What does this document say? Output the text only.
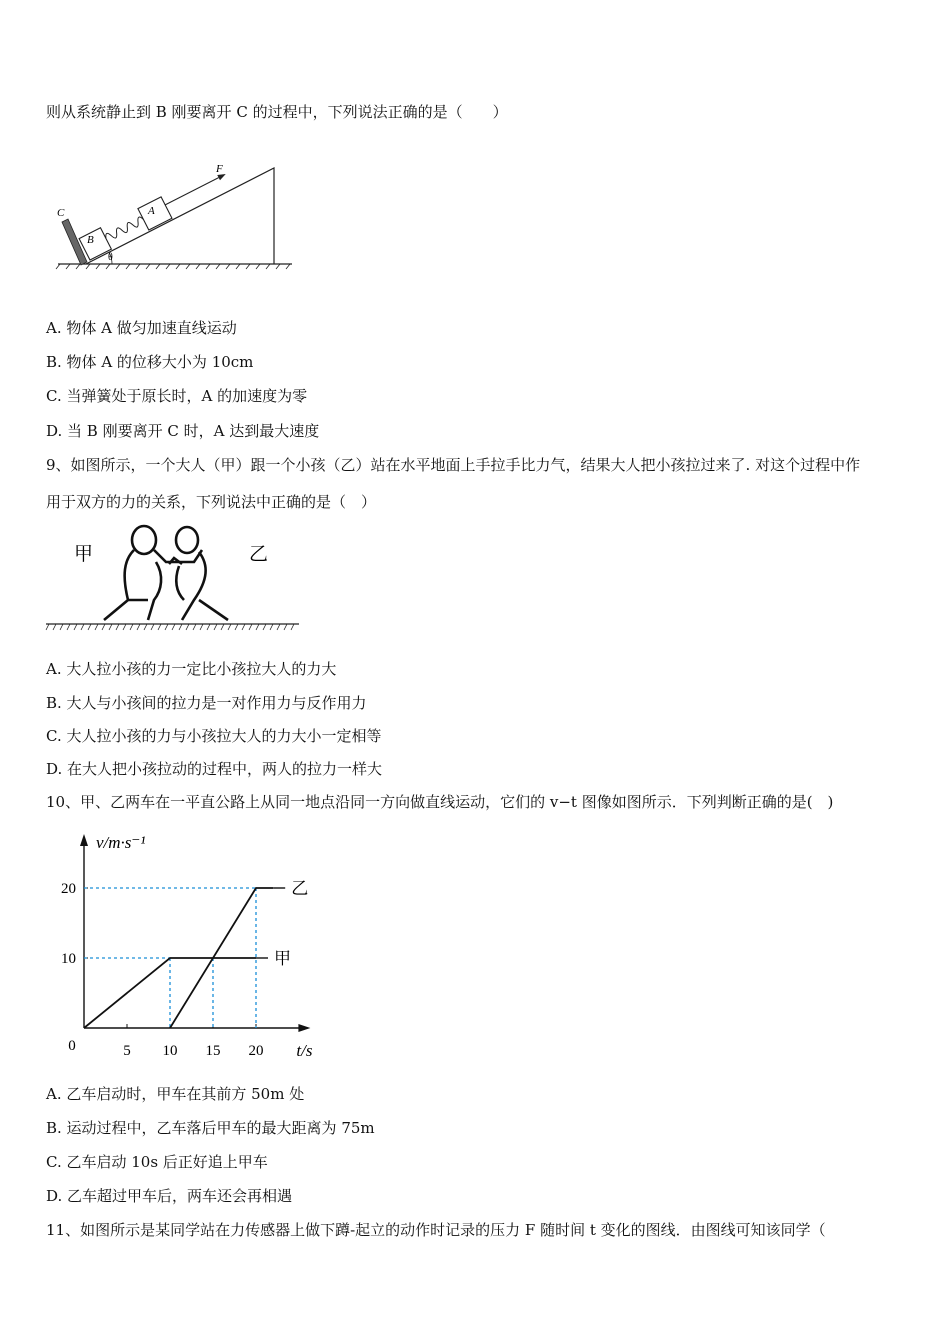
则从系统静止到 B 刚要离开 C 的过程中，下列说法正确的是（　　）
C
B
A
F
θ
A. 物体 A 做匀加速直线运动
B. 物体 A 的位移大小为 10cm
C. 当弹簧处于原长时，A 的加速度为零
D. 当 B 刚要离开 C 时，A 达到最大速度
9、如图所示，一个大人（甲）跟一个小孩（乙）站在水平地面上手拉手比力气，结果大人把小孩拉过来了. 对这个过程中作
用于双方的力的关系，下列说法中正确的是（　）
甲	乙
A. 大人拉小孩的力一定比小孩拉大人的力大
B. 大人与小孩间的拉力是一对作用力与反作用力
C. 大人拉小孩的力与小孩拉大人的力大小一定相等
D. 在大人把小孩拉动的过程中，两人的拉力一样大
10、甲、乙两车在一平直公路上从同一地点沿同一方向做直线运动，它们的 v−t 图像如图所示．下列判断正确的是(　)
5 10 15 20
10
20
0
v/m·s⁻¹
t/s
甲
乙
A. 乙车启动时，甲车在其前方 50m 处
B. 运动过程中，乙车落后甲车的最大距离为 75m
C. 乙车启动 10s 后正好追上甲车
D. 乙车超过甲车后，两车还会再相遇
11、如图所示是某同学站在力传感器上做下蹲-起立的动作时记录的压力 F 随时间 t 变化的图线．由图线可知该同学（
